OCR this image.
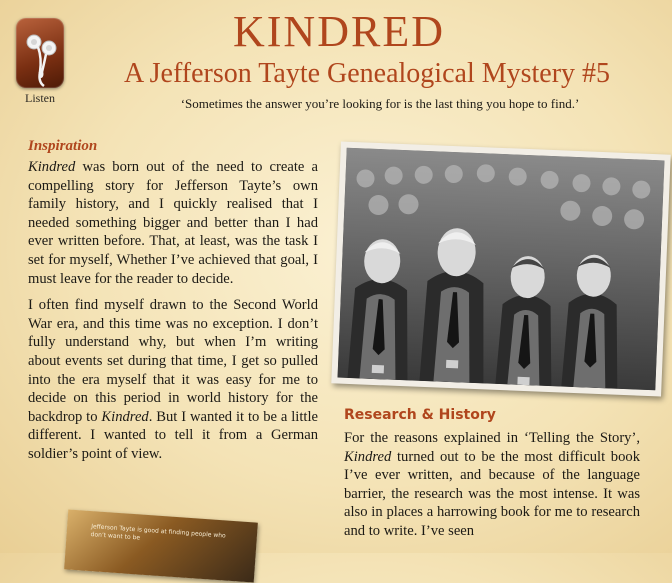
Listen
KINDRED
A Jefferson Tayte Genealogical Mystery #5
‘Sometimes the answer you’re looking for is the last thing you hope to find.’
Inspiration

Kindred was born out of the need to create a compelling story for Jefferson Tayte’s own family history, and I quickly realised that I needed something bigger and better than I had ever written before. That, at least, was the task I set for myself, Whether I’ve achieved that goal, I must leave for the reader to decide.

I often find myself drawn to the Second World War era, and this time was no exception. I don’t fully understand why, but when I’m writing about events set during that time, I get so pulled into the era myself that it was easy for me to decide on this period in world history for the backdrop to Kindred. But I wanted it to be a little different. I wanted to tell it from a German soldier’s point of view.

Research & History

For the reasons explained in ‘Telling the Story’, Kindred turned out to be the most difficult book I’ve ever written, and because of the language barrier, the research was the most intense. It was also in places a harrowing book for me to research and to write. I’ve seen

Jefferson Tayte is good at finding people who don’t want to be
